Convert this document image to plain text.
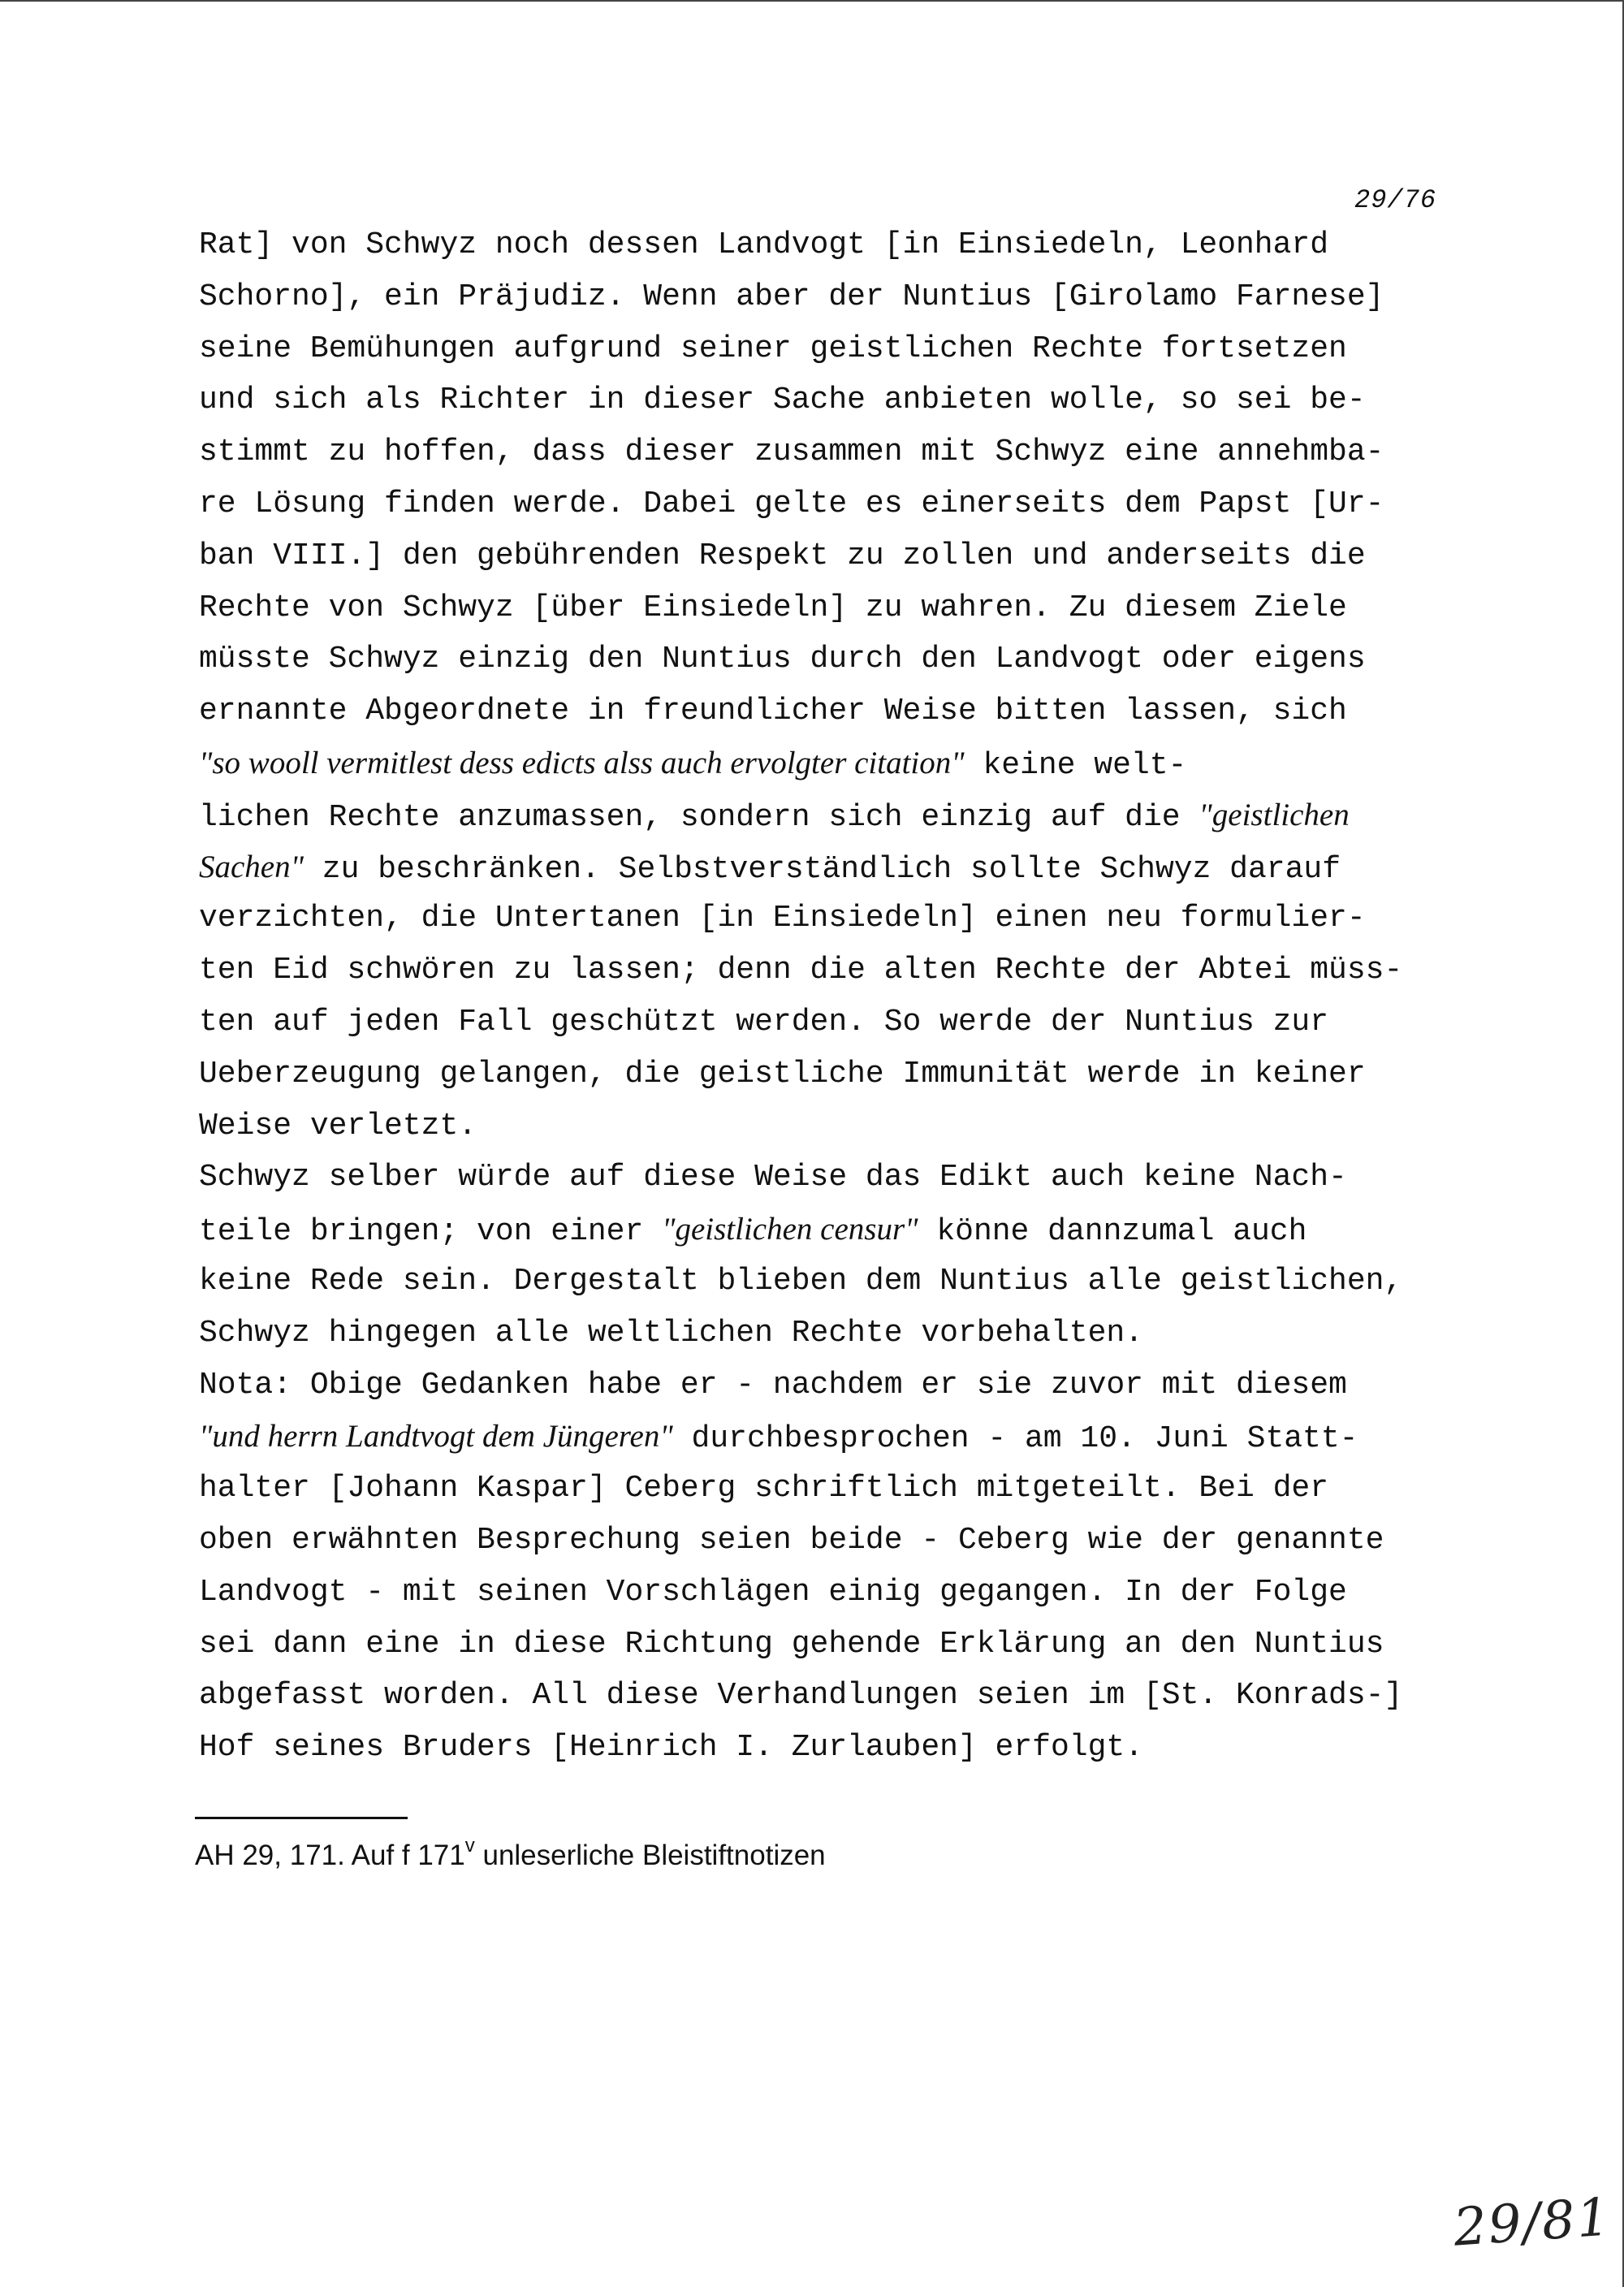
29/76
Rat] von Schwyz noch dessen Landvogt [in Einsiedeln, Leonhard
Schorno], ein Präjudiz. Wenn aber der Nuntius [Girolamo Farnese]
seine Bemühungen aufgrund seiner geistlichen Rechte fortsetzen
und sich als Richter in dieser Sache anbieten wolle, so sei be-
stimmt zu hoffen, dass dieser zusammen mit Schwyz eine annehmba-
re Lösung finden werde. Dabei gelte es einerseits dem Papst [Ur-
ban VIII.] den gebührenden Respekt zu zollen und anderseits die
Rechte von Schwyz [über Einsiedeln] zu wahren. Zu diesem Ziele
müsste Schwyz einzig den Nuntius durch den Landvogt oder eigens
ernannte Abgeordnete in freundlicher Weise bitten lassen, sich
"so wooll vermitlest dess edicts alss auch ervolgter citation" keine welt-
lichen Rechte anzumassen, sondern sich einzig auf die "geistlichen
Sachen" zu beschränken. Selbstverständlich sollte Schwyz darauf
verzichten, die Untertanen [in Einsiedeln] einen neu formulier-
ten Eid schwören zu lassen; denn die alten Rechte der Abtei müss-
ten auf jeden Fall geschützt werden. So werde der Nuntius zur
Ueberzeugung gelangen, die geistliche Immunität werde in keiner
Weise verletzt.
Schwyz selber würde auf diese Weise das Edikt auch keine Nach-
teile bringen; von einer "geistlichen censur" könne dannzumal auch
keine Rede sein. Dergestalt blieben dem Nuntius alle geistlichen,
Schwyz hingegen alle weltlichen Rechte vorbehalten.
Nota: Obige Gedanken habe er - nachdem er sie zuvor mit diesem
"und herrn Landtvogt dem Jüngeren" durchbesprochen - am 10. Juni Statt-
halter [Johann Kaspar] Ceberg schriftlich mitgeteilt. Bei der
oben erwähnten Besprechung seien beide - Ceberg wie der genannte
Landvogt - mit seinen Vorschlägen einig gegangen. In der Folge
sei dann eine in diese Richtung gehende Erklärung an den Nuntius
abgefasst worden. All diese Verhandlungen seien im [St. Konrads-]
Hof seines Bruders [Heinrich I. Zurlauben] erfolgt.
AH 29, 171. Auf f 171$^v$ unleserliche Bleistiftnotizen
29/81
